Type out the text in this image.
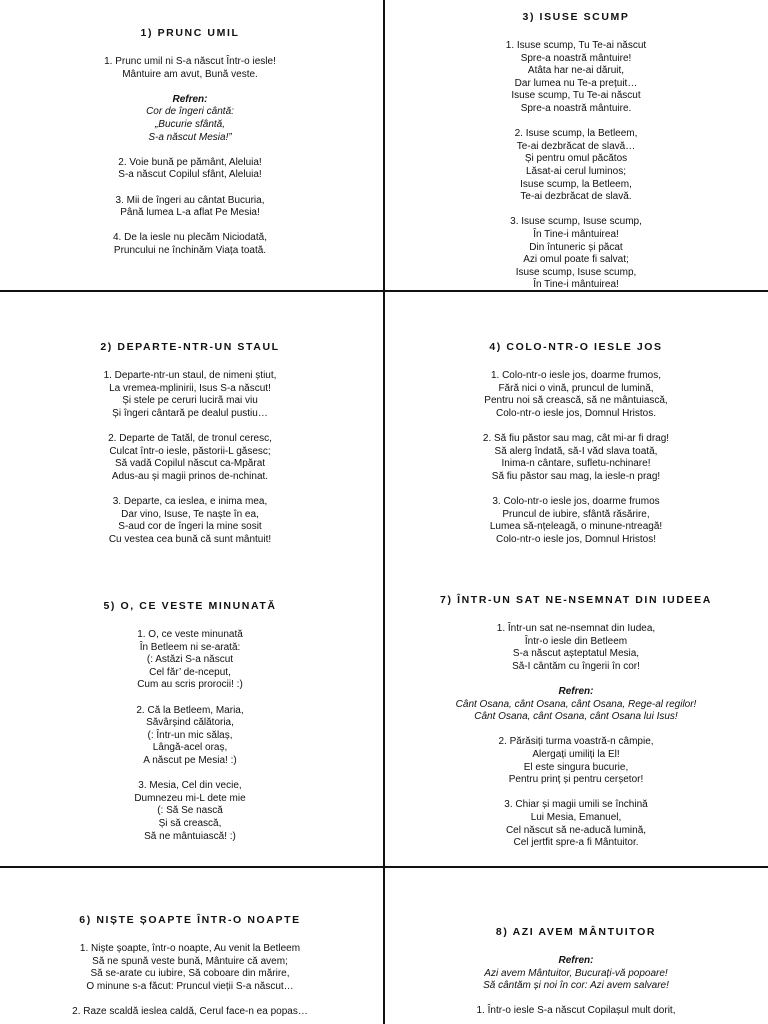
1) PRUNC UMIL

1. Prunc umil ni S-a născut Într-o iesle!
Mântuire am avut, Bună veste.

Refren:

Cor de îngeri cântă:
„Bucurie sfântă,
S-a născut Mesia!”

2. Voie bună pe pământ, Aleluia!
S-a născut Copilul sfânt, Aleluia!

3. Mii de îngeri au cântat Bucuria,
Până lumea L-a aflat Pe Mesia!

4. De la iesle nu plecăm Niciodată,
Pruncului ne închinăm Viața toată.

3) ISUSE SCUMP

1. Isuse scump, Tu Te-ai născut
Spre-a noastră mântuire!
Atâta har ne-ai dăruit,
Dar lumea nu Te-a prețuit…
Isuse scump, Tu Te-ai născut
Spre-a noastră mântuire.

2. Isuse scump, la Betleem,
Te-ai dezbrăcat de slavă…
Și pentru omul păcătos
Lăsat-ai cerul luminos;
Isuse scump, la Betleem,
Te-ai dezbrăcat de slavă.

3. Isuse scump, Isuse scump,
În Tine-i mântuirea!
Din întuneric și păcat
Azi omul poate fi salvat;
Isuse scump, Isuse scump,
În Tine-i mântuirea!

2) DEPARTE-NTR-UN STAUL

1. Departe-ntr-un staul, de nimeni știut,
La vremea-mplinirii, Isus S-a născut!
Și stele pe ceruri lucirã mai viu
Și îngeri cântară pe dealul pustiu…

2. Departe de Tatăl, de tronul ceresc,
Culcat într-o iesle, păstorii-L găsesc;
Să vadă Copilul născut ca-Mpărat
Adus-au și magii prinos de-nchinat.

3. Departe, ca ieslea, e inima mea,
Dar vino, Isuse, Te naște în ea,
S-aud cor de îngeri la mine sosit
Cu vestea cea bună că sunt mântuit!

4) COLO-NTR-O IESLE JOS

1. Colo-ntr-o iesle jos, doarme frumos,
Fără nici o vină, pruncul de lumină,
Pentru noi să crească, să ne mântuiască,
Colo-ntr-o iesle jos, Domnul Hristos.

2. Să fiu păstor sau mag, cât mi-ar fi drag!
Să alerg îndată, să-I văd slava toată,
Inima-n cântare, sufletu-nchinare!
Să fiu păstor sau mag, la iesle-n prag!

3. Colo-ntr-o iesle jos, doarme frumos
Pruncul de iubire, sfântă răsărire,
Lumea să-nțeleagă, o minune-ntreagă!
Colo-ntr-o iesle jos, Domnul Hristos!

5) O, CE VESTE MINUNATĂ

1. O, ce veste minunată
În Betleem ni se-arată:
(: Astăzi S-a născut
Cel făr’ de-nceput,
Cum au scris prorocii! :)

2. Că la Betleem, Maria,
Săvârșind călătoria,
(: Într-un mic sălaș,
Lângă-acel oraș,
A născut pe Mesia! :)

3. Mesia, Cel din vecie,
Dumnezeu mi-L dete mie
(: Să Se nască
Și să crească,
Să ne mântuiască! :)

7) ÎNTR-UN SAT NE-NSEMNAT DIN IUDEEA

1. Într-un sat ne-nsemnat din Iudea,
Într-o iesle din Betleem
S-a născut așteptatul Mesia,
Să-I cântăm cu îngerii în cor!

Refren:

Cânt Osana, cânt Osana, cânt Osana, Rege-al regilor!
Cânt Osana, cânt Osana, cânt Osana lui Isus!

2. Părăsiți turma voastră-n câmpie,
Alergați umiliți la El!
El este singura bucurie,
Pentru prinț și pentru cerșetor!

3. Chiar și magii umili se închină
Lui Mesia, Emanuel,
Cel născut să ne-aducă lumină,
Cel jertfit spre-a fi Mântuitor.

6) NIȘTE ȘOAPTE ÎNTR-O NOAPTE

1. Niște șoapte, într-o noapte, Au venit la Betleem
Să ne spună veste bună, Mântuire că avem;
Să se-arate cu iubire, Să coboare din mărire,
O minune s-a făcut: Pruncul vieții S-a născut…

2. Raze scaldă ieslea caldă, Cerul face-n ea popas…

8) AZI AVEM MÂNTUITOR

Refren:

Azi avem Mântuitor, Bucurați-vă popoare!
Să cântăm și noi în cor: Azi avem salvare!

1. Într-o iesle S-a născut Copilașul mult dorit,
